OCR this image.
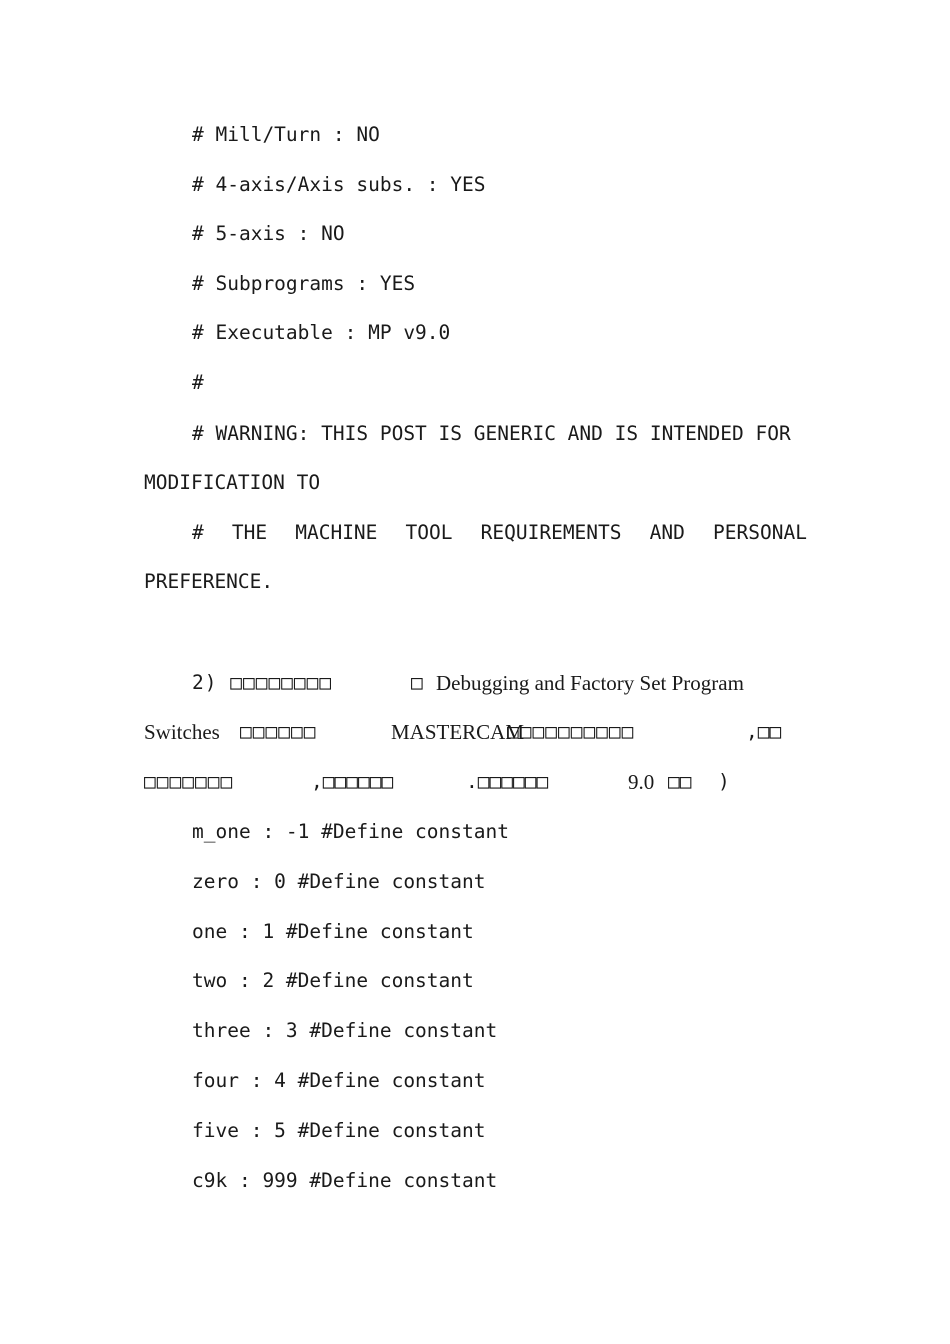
# Mill/Turn : NO
# 4-axis/Axis subs. : YES
# 5-axis : NO
# Subprograms : YES
# Executable : MP v9.0
#
# WARNING: THIS POST IS GENERIC AND IS INTENDED FOR
MODIFICATION TO
# THE MACHINE TOOL REQUIREMENTS AND PERSONAL
PREFERENCE.
2) □□□□□□□□	□ Debugging and Factory Set Program
Switches □□□□□□	MASTERCAM
□□□□□□□□□□	,□□
□□□□□□□	,□□□□□□	.□□□□□□	9.0 □□ )
m_one : -1 #Define constant
zero : 0 #Define constant
one : 1 #Define constant
two : 2 #Define constant
three : 3 #Define constant
four : 4 #Define constant
five : 5 #Define constant
c9k : 999 #Define constant
